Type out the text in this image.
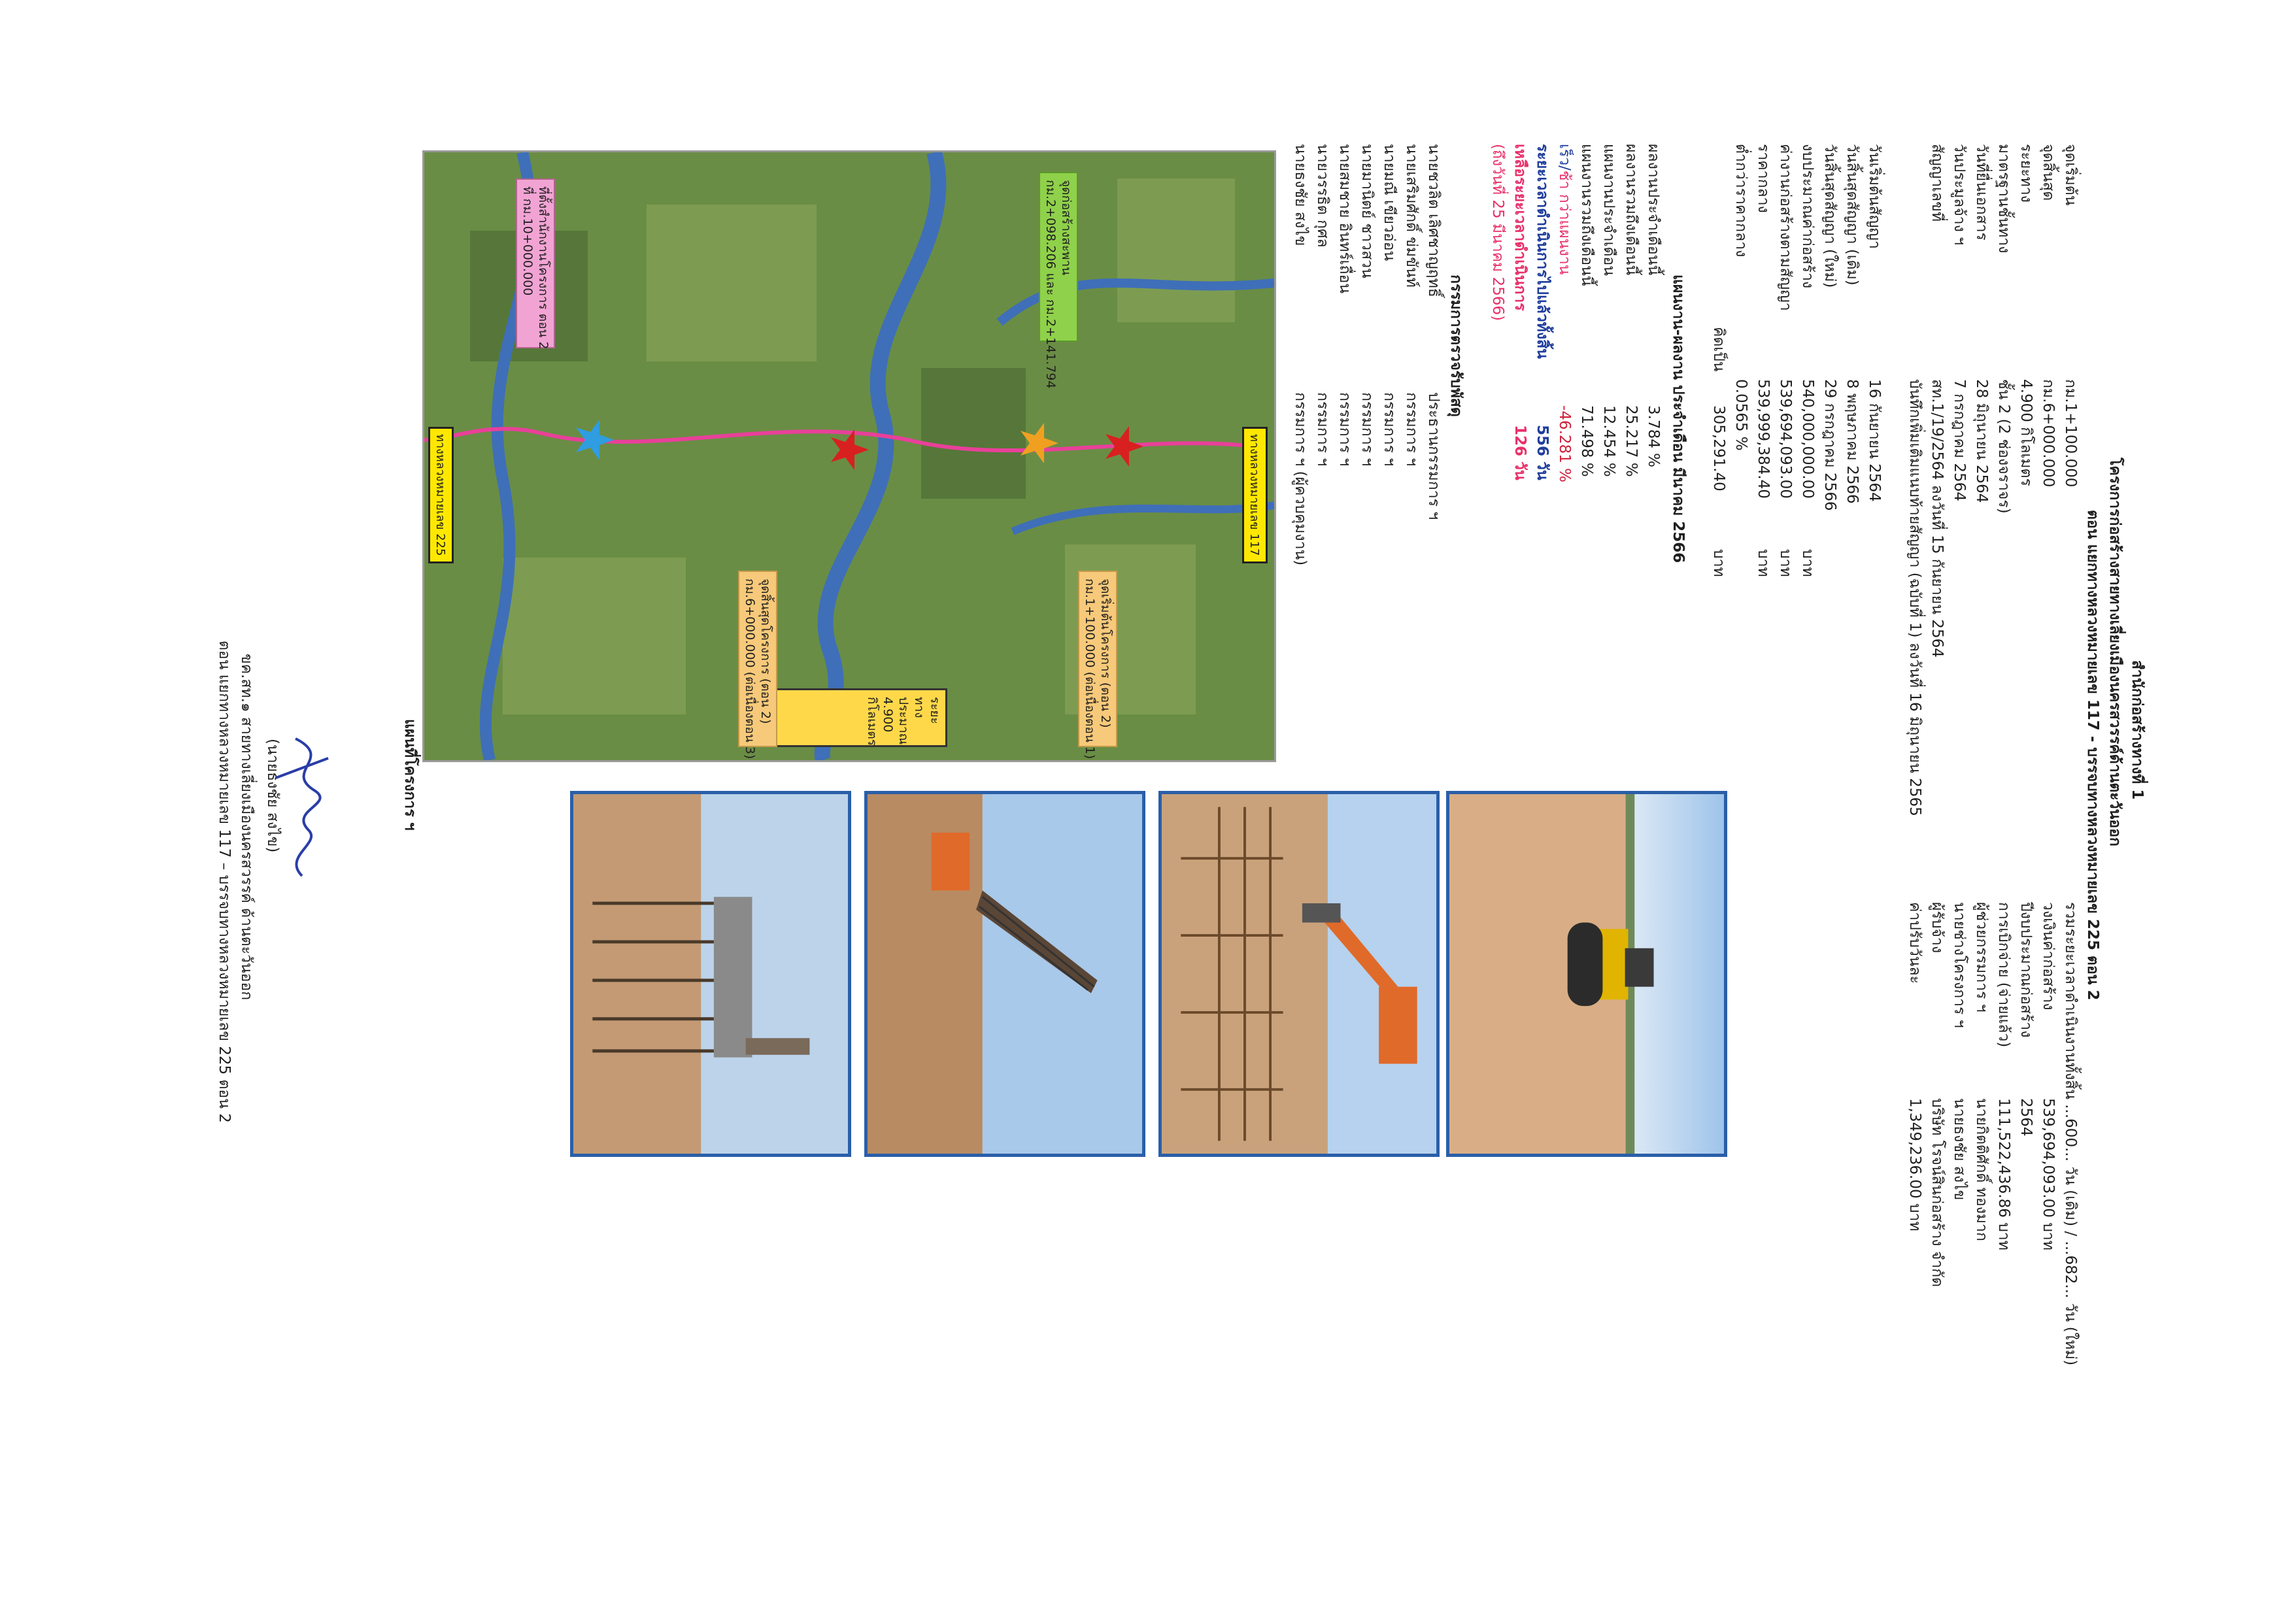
สำนักก่อสร้างทางที่ 1
โครงการก่อสร้างสายทางเลี่ยงเมืองนครสวรรค์ด้านตะวันออก
ตอน แยกทางหลวงหมายเลข 117 - บรรจบทางหลวงหมายเลข 225 ตอน 2
จุดเริ่มต้น
กม.1+100.000
จุดสิ้นสุด
กม.6+000.000
ระยะทาง
4.900 กิโลเมตร
มาตรฐานชั้นทาง
ชั้น 2 (2 ช่องจราจร)
วันที่ยื่นเอกสาร
28 มิถุนายน 2564
วันประมูลจ้าง ฯ
7 กรกฎาคม 2564
สัญญาเลขที่
สท.1/19/2564 ลงวันที่ 15 กันยายน 2564
บันทึกเพิ่มเติมแนบท้ายสัญญา (ฉบับที่ 1) ลงวันที่ 16 มิถุนายน 2565
รวมระยะเวลาดำเนินงานทั้งสิ้น ...600... วัน (เดิม) / ...682... วัน (ใหม่)
วงเงินค่าก่อสร้าง
539,694,093.00 บาท
ปีงบประมาณก่อสร้าง
2564
การเบิกจ่าย (จ่ายแล้ว)
111,522,436.86 บาท
ผู้ช่วยกรรมการ ฯ
นายกิตติศักดิ์ ทองมาก
นายช่างโครงการ ฯ
นายธงชัย สงไข
ผู้รับจ้าง
บริษัท โรจน์สินก่อสร้าง จำกัด
ค่าปรับวันละ
1,349,236.00 บาท
วันเริ่มต้นสัญญา
16 กันยายน 2564
วันสิ้นสุดสัญญา (เดิม)
8 พฤษภาคม 2566
วันสิ้นสุดสัญญา (ใหม่)
29 กรกฎาคม 2566
งบประมาณค่าก่อสร้าง
540,000,000.00
บาท
ค่างานก่อสร้างตามสัญญา
539,694,093.00
บาท
ราคากลาง
539,999,384.40
บาท
ต่ำกว่าราคากลาง
0.0565 %
คิดเป็น
305,291.40
บาท
แผนงาน-ผลงาน ประจำเดือน มีนาคม 2566
ผลงานประจำเดือนนี้
3.784 %
ผลงานรวมถึงเดือนนี้
25.217 %
แผนงานประจำเดือน
12.454 %
แผนงานรวมถึงเดือนนี้
71.498 %
เร็ว/ช้า กว่าแผนงาน
-46.281 %
ระยะเวลาดำเนินการไปแล้วทั้งสิ้น
556 วัน
เหลือระยะเวลาดำเนินการ
126 วัน
(ถึงวันที่ 25 มีนาคม 2566)
กรรมการตรวจรับพัสดุ
นายชวลิต เลิศชาญฤทธิ์
ประธานกรรมการ ฯ
นายเสริมศักดิ์ ข่มขันท์
กรรมการ ฯ
นายมณี เขียวอ่อน
กรรมการ ฯ
นายมานิตย์ ชาวสวน
กรรมการ ฯ
นายสมชาย อินทร์เถื่อน
กรรมการ ฯ
นายวรรธิต กุศล
กรรมการ ฯ
นายธงชัย สงไข
กรรมการ ฯ (ผู้ควบคุมงาน)
ทางหลวงหมายเลข 117
ทางหลวงหมายเลข 225
จุดเริ่มต้นโครงการ (ตอน 2)
กม.1+100.000 (ต่อเนื่องตอน 1)
จุดก่อสร้างสะพาน
กม.2+098.206 และ กม.2+141.794
ระยะทางประมาณ 4.900 กิโลเมตร
จุดสิ้นสุดโครงการ (ตอน 2)
กม.6+000.000 (ต่อเนื่องตอน 3)
ที่ตั้งสำนักงานโครงการ ตอน 2
ที่ กม.10+000.000
แผนที่โครงการ ฯ
(นายธงชัย สงไข)
ขค.สท.๑ สายทางเลี่ยงเมืองนครสวรรค์ ด้านตะวันออก
ตอน แยกทางหลวงหมายเลข 117 – บรรจบทางหลวงหมายเลข 225 ตอน 2
